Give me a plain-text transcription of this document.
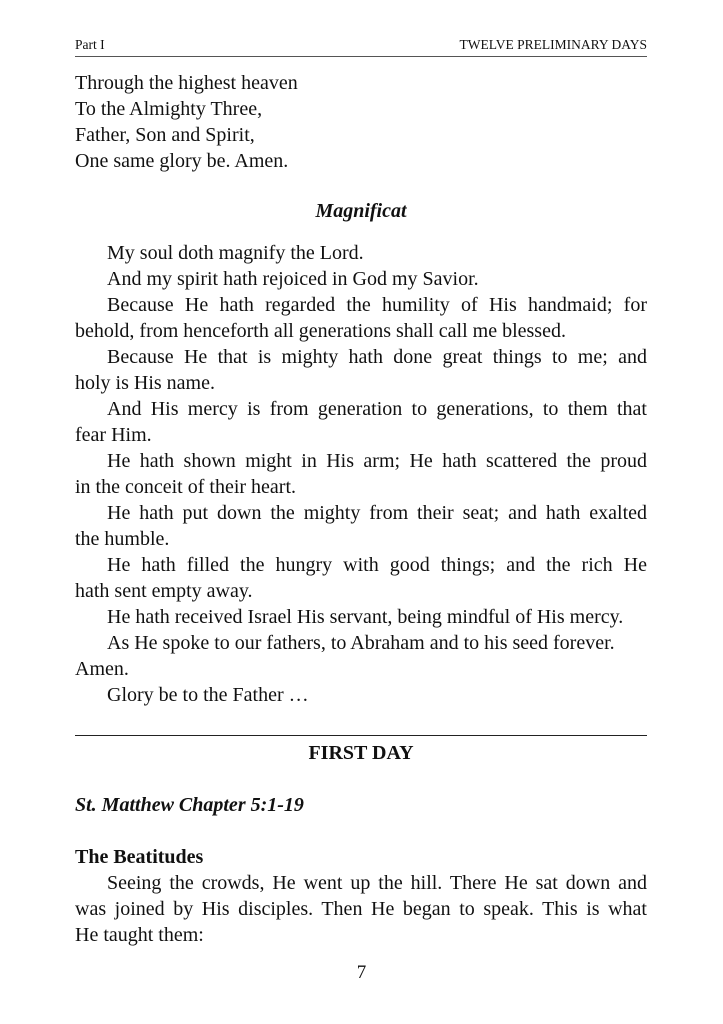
Part I	TWELVE PRELIMINARY DAYS
Through the highest heaven
To the Almighty Three,
Father, Son and Spirit,
One same glory be. Amen.
Magnificat
My soul doth magnify the Lord.
And my spirit hath rejoiced in God my Savior.
Because He hath regarded the humility of His handmaid; for
behold, from henceforth all generations shall call me blessed.
Because He that is mighty hath done great things to me; and
holy is His name.
And His mercy is from generation to generations, to them that
fear Him.
He hath shown might in His arm; He hath scattered the proud
in the conceit of their heart.
He hath put down the mighty from their seat; and hath exalted
the humble.
He hath filled the hungry with good things; and the rich He
hath sent empty away.
He hath received Israel His servant, being mindful of His mercy.
As He spoke to our fathers, to Abraham and to his seed forever.
Amen.
Glory be to the Father …
FIRST DAY
St. Matthew Chapter 5:1-19
The Beatitudes
Seeing the crowds, He went up the hill. There He sat down and
was joined by His disciples. Then He began to speak. This is what
He taught them:
7
